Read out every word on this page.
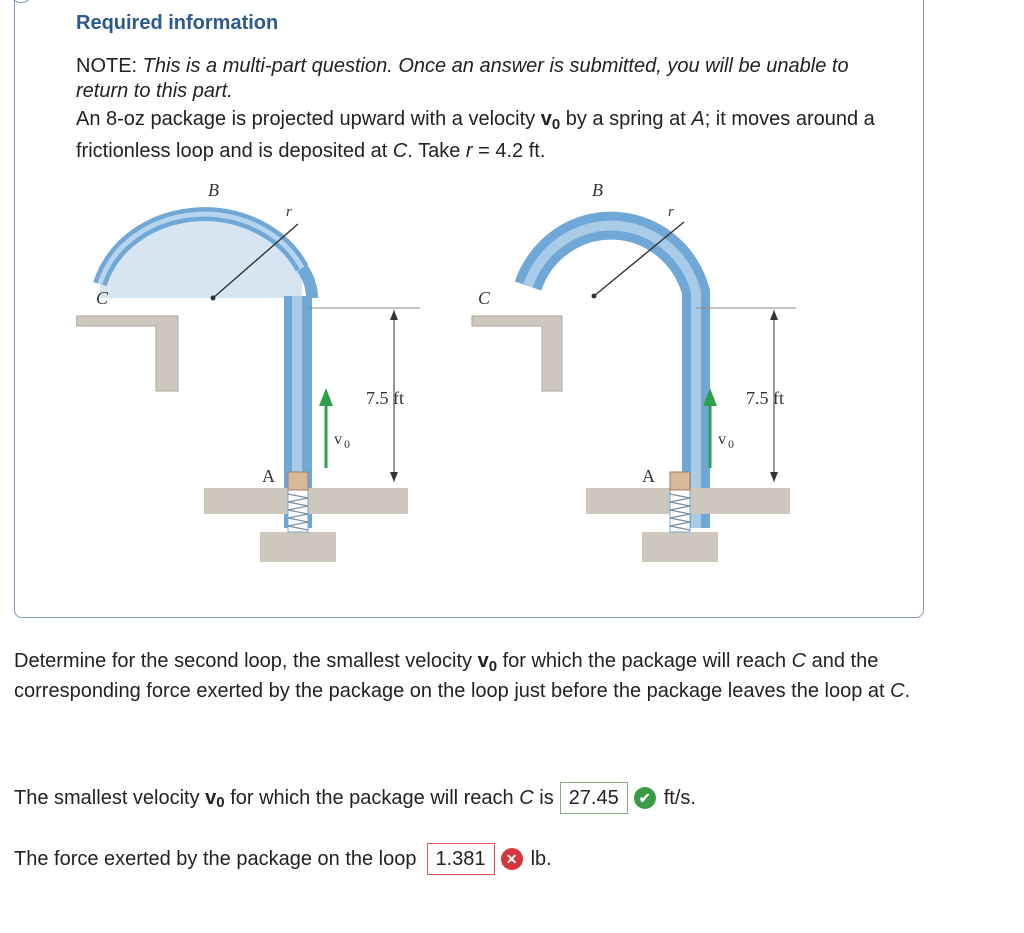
Required information

NOTE: This is a multi-part question. Once an answer is submitted, you will be unable to return to this part.

An 8-oz package is projected upward with a velocity $v_0$ by a spring at A; it moves around a frictionless loop and is deposited at C. Take r = 4.2 ft.

B
r
C
A
v 0
7.5 ft
B
r
C
A
v 0
7.5 ft

Determine for the second loop, the smallest velocity $v_0$ for which the package will reach C and the corresponding force exerted by the package on the loop just before the package leaves the loop at C.

The smallest velocity v 0 for which the package will reach C is 27.45	✔ ft/s.
The force exerted by the package on the loop 1.381	✕ lb.
